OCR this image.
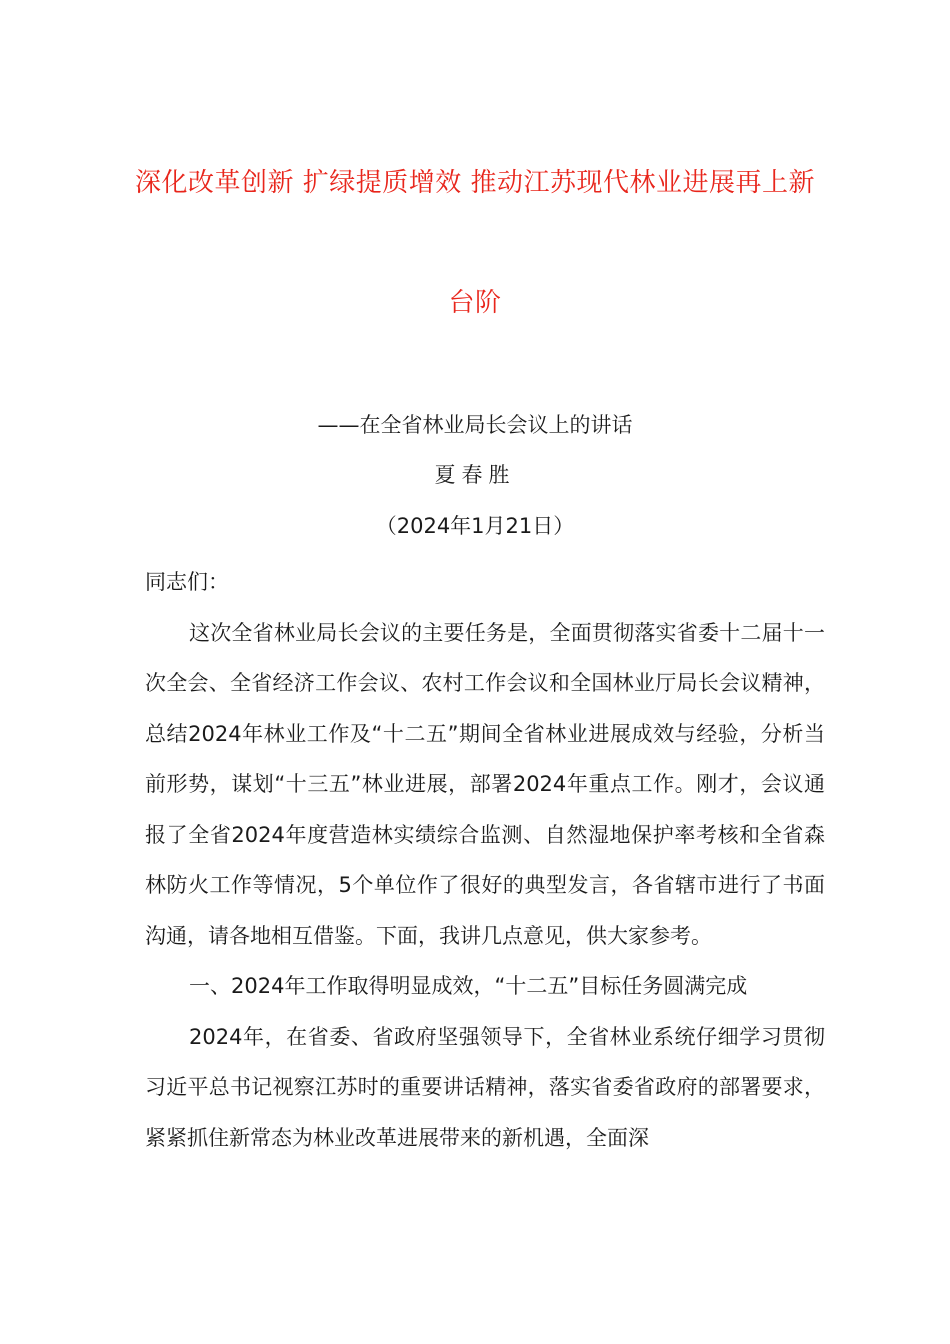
深化改革创新 扩绿提质增效 推动江苏现代林业进展再上新
台阶
——在全省林业局长会议上的讲话
夏春胜
（2024年1月21日）

同志们：

这次全省林业局长会议的主要任务是，全面贯彻落实省委十二届十一次全会、全省经济工作会议、农村工作会议和全国林业厅局长会议精神，总结2024年林业工作及“十二五”期间全省林业进展成效与经验，分析当前形势，谋划“十三五”林业进展，部署2024年重点工作。刚才，会议通报了全省2024年度营造林实绩综合监测、自然湿地保护率考核和全省森林防火工作等情况，5个单位作了很好的典型发言，各省辖市进行了书面沟通，请各地相互借鉴。下面，我讲几点意见，供大家参考。

一、2024年工作取得明显成效，“十二五”目标任务圆满完成

2024年，在省委、省政府坚强领导下，全省林业系统仔细学习贯彻习近平总书记视察江苏时的重要讲话精神，落实省委省政府的部署要求，紧紧抓住新常态为林业改革进展带来的新机遇，全面深
